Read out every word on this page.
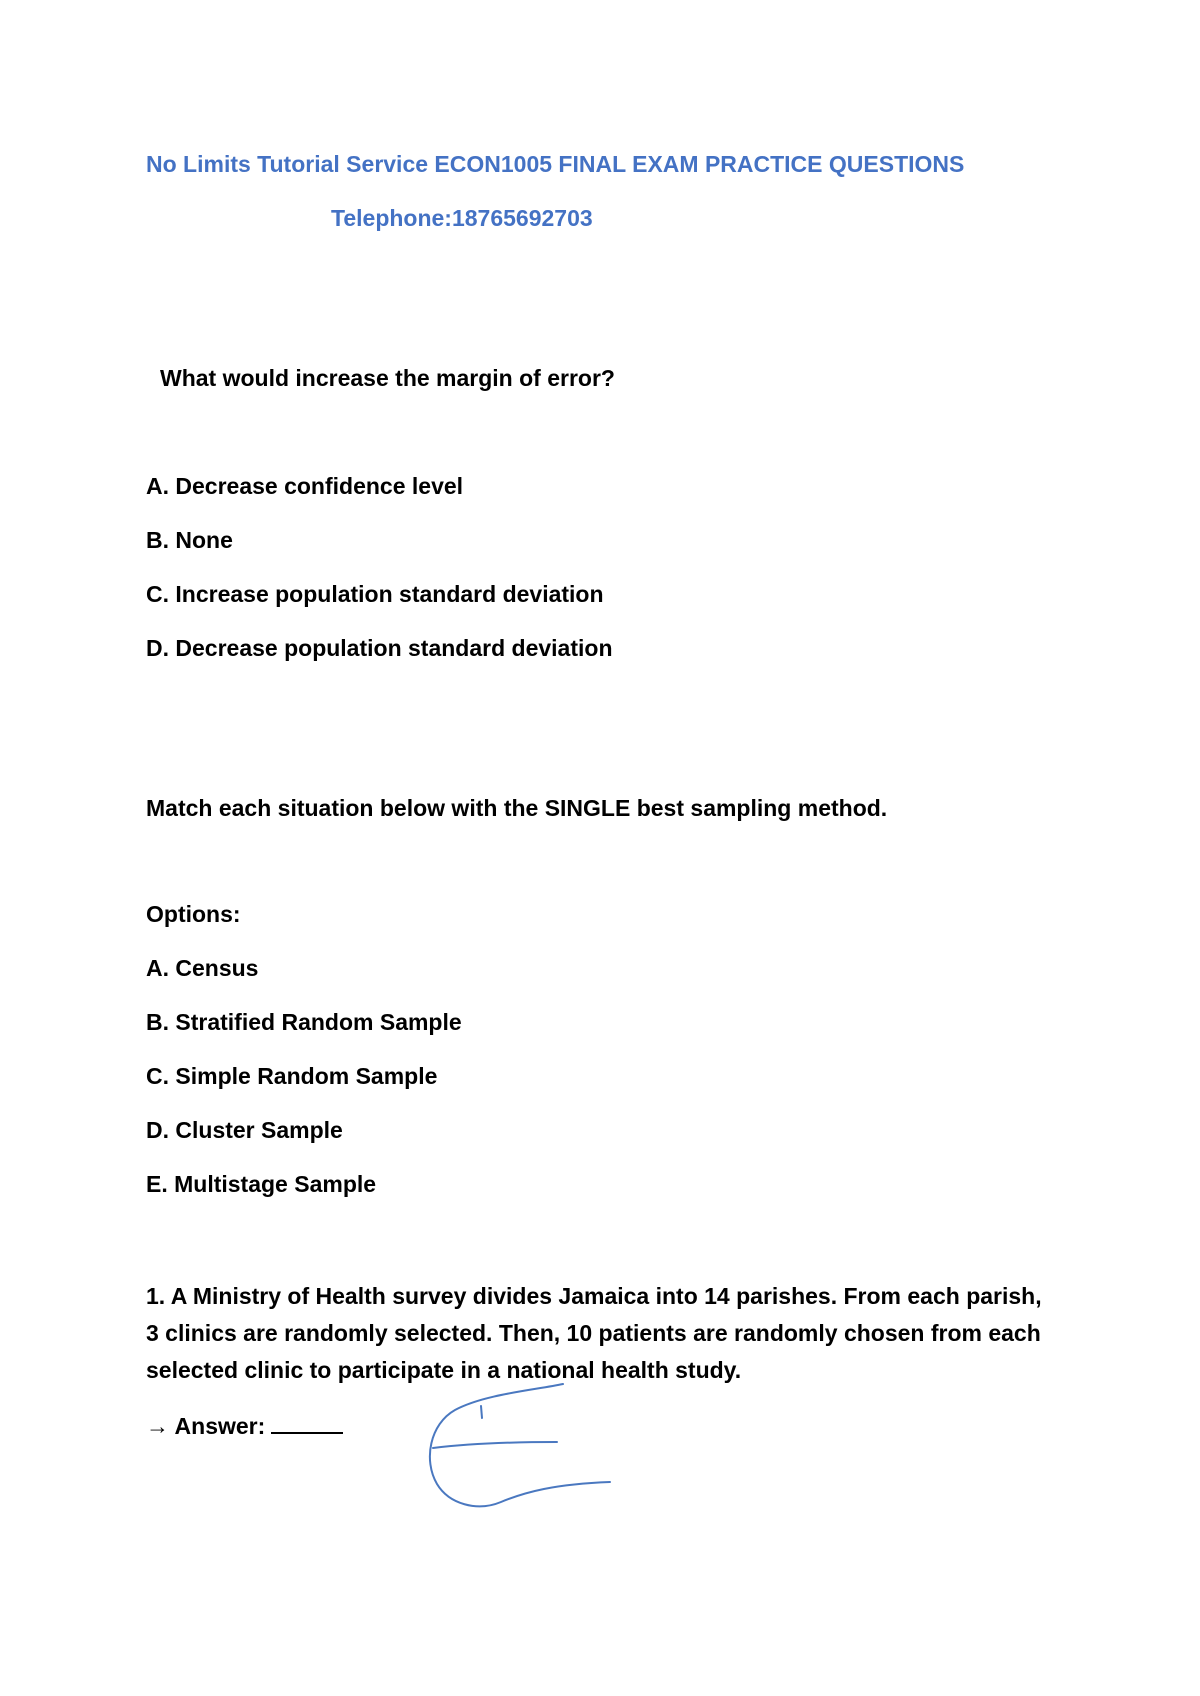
No Limits Tutorial Service ECON1005 FINAL EXAM PRACTICE QUESTIONS
Telephone:18765692703
What would increase the margin of error?
A. Decrease confidence level
B. None
C. Increase population standard deviation
D. Decrease population standard deviation
Match each situation below with the SINGLE best sampling method.
Options:
A. Census
B. Stratified Random Sample
C. Simple Random Sample
D. Cluster Sample
E. Multistage Sample
1. A Ministry of Health survey divides Jamaica into 14 parishes. From each parish, 3 clinics are randomly selected. Then, 10 patients are randomly chosen from each selected clinic to participate in a national health study.
→ Answer:
